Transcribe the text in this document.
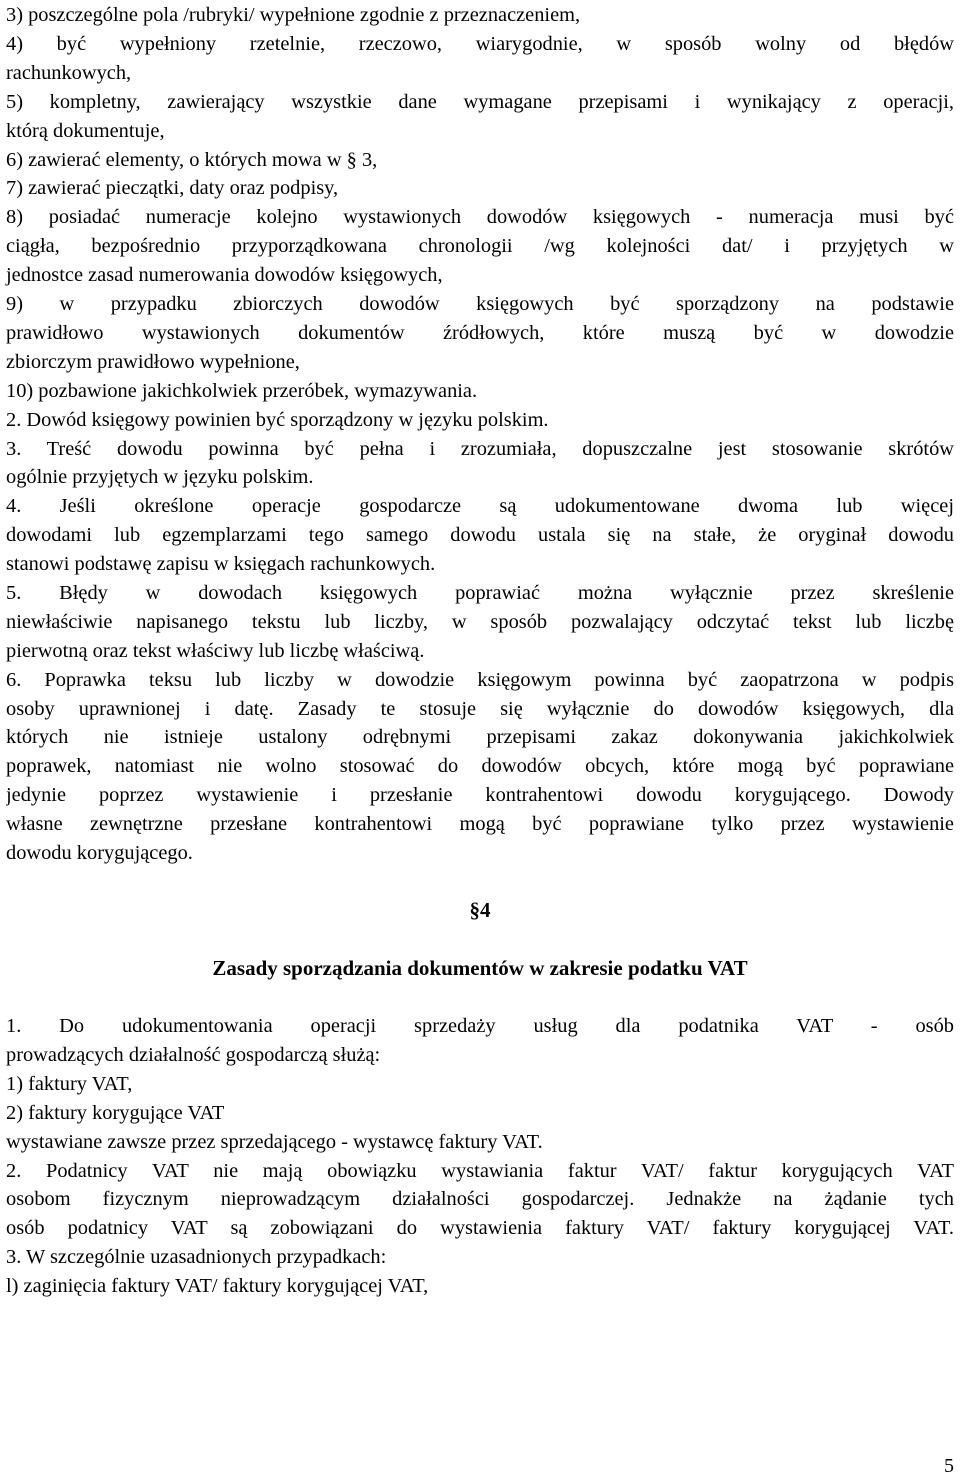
3) poszczególne pola /rubryki/ wypełnione zgodnie z przeznaczeniem,
4) być wypełniony rzetelnie, rzeczowo, wiarygodnie, w sposób wolny od błędów
rachunkowych,
5) kompletny, zawierający wszystkie dane wymagane przepisami i wynikający z operacji,
którą dokumentuje,
6) zawierać elementy, o których mowa w § 3,
7) zawierać pieczątki, daty oraz podpisy,
8) posiadać numeracje kolejno wystawionych dowodów księgowych - numeracja musi być
ciągła, bezpośrednio przyporządkowana chronologii /wg kolejności dat/ i przyjętych w
jednostce zasad numerowania dowodów księgowych,
9) w przypadku zbiorczych dowodów księgowych być sporządzony na podstawie
prawidłowo wystawionych dokumentów źródłowych, które muszą być w dowodzie
zbiorczym prawidłowo wypełnione,
10) pozbawione jakichkolwiek przeróbek, wymazywania.
2. Dowód księgowy powinien być sporządzony w języku polskim.
3. Treść dowodu powinna być pełna i zrozumiała, dopuszczalne jest stosowanie skrótów
ogólnie przyjętych w języku polskim.
4. Jeśli określone operacje gospodarcze są udokumentowane dwoma lub więcej
dowodami lub egzemplarzami tego samego dowodu ustala się na stałe, że oryginał dowodu
stanowi podstawę zapisu w księgach rachunkowych.
5. Błędy w dowodach księgowych poprawiać można wyłącznie przez skreślenie
niewłaściwie napisanego tekstu lub liczby, w sposób pozwalający odczytać tekst lub liczbę
pierwotną oraz tekst właściwy lub liczbę właściwą.
6. Poprawka teksu lub liczby w dowodzie księgowym powinna być zaopatrzona w podpis
osoby uprawnionej i datę. Zasady te stosuje się wyłącznie do dowodów księgowych, dla
których nie istnieje ustalony odrębnymi przepisami zakaz dokonywania jakichkolwiek
poprawek, natomiast nie wolno stosować do dowodów obcych, które mogą być poprawiane
jedynie poprzez wystawienie i przesłanie kontrahentowi dowodu korygującego. Dowody
własne zewnętrzne przesłane kontrahentowi mogą być poprawiane tylko przez wystawienie
dowodu korygującego.
§4
Zasady sporządzania dokumentów w zakresie podatku VAT
1. Do udokumentowania operacji sprzedaży usług dla podatnika VAT - osób
prowadzących działalność gospodarczą służą:
1) faktury VAT,
2) faktury korygujące VAT
wystawiane zawsze przez sprzedającego - wystawcę faktury VAT.
2. Podatnicy VAT nie mają obowiązku wystawiania faktur VAT/ faktur korygujących VAT
osobom fizycznym nieprowadzącym działalności gospodarczej. Jednakże na żądanie tych
osób podatnicy VAT są zobowiązani do wystawienia faktury VAT/ faktury korygującej VAT.
3. W szczególnie uzasadnionych przypadkach:
l) zaginięcia faktury VAT/ faktury korygującej VAT,
5
